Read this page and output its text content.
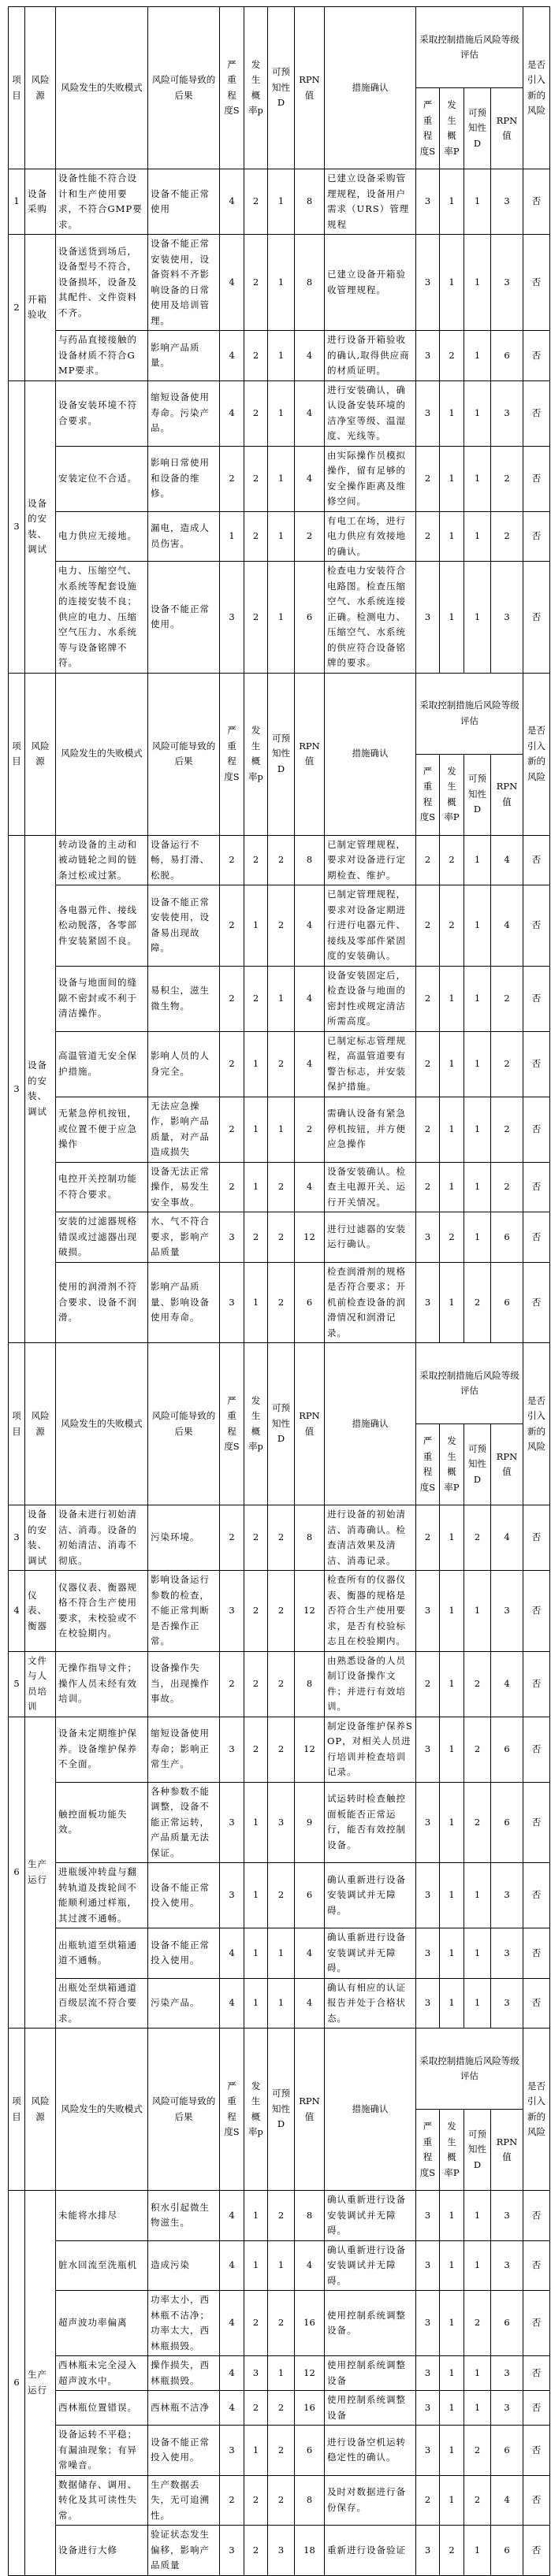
项目	风险源	风险发生的失败模式	风险可能导致的后果	严重程度S	发生概率p	可预知性D	RPN值	措施确认	采取控制措施后风险等级评估				是否引入新的风险
									严重程度S	发生概率P	可预知性D	RPN值	
1	设备采购	设备性能不符合设计和生产使用要求，不符合GMP要求。	设备不能正常使用	4	2	1	8	已建立设备采购管理规程，设备用户需求（URS）管理规程	3	1	1	3	否
2	开箱验收	设备送货到场后，设备型号不符合，设备损坏，设备及其配件、文件资料不齐。	设备不能正常安装使用，设备资料不齐影响设备的日常使用及培训管理。	4	2	1	8	已建立设备开箱验收管理规程。	3	1	1	3	否
		与药品直接接触的设备材质不符合GMP要求。	影响产品质量。	4	2	1	4	进行设备开箱验收的确认,取得供应商的材质证明。	3	2	1	6	否
3	设备的安装、调试	设备安装环境不符合要求。	缩短设备使用寿命。污染产品。	4	2	1	4	进行安装确认，确认设备安装环境的洁净室等级、温湿度、光线等。	3	1	1	3	否
		安装定位不合适。	影响日常使用和设备的维修。	2	2	1	4	由实际操作员模拟操作，留有足够的安全操作距离及维修空间。	2	1	1	2	否
		电力供应无接地。	漏电，造成人员伤害。	1	2	1	2	有电工在场，进行电力供应有效接地的确认。	2	1	1	2	否
		电力、压缩空气、水系统等配套设施的连接安装不良；供应的电力、压缩空气压力、水系统等与设备铭牌不符。	设备不能正常使用。	3	2	1	6	检查电力安装符合电路图。检查压缩空气、水系统连接正确。检测电力、压缩空气、水系统的供应符合设备铭牌的要求。	3	1	1	3	否
项目	风险源	风险发生的失败模式	风险可能导致的后果	严重程度S	发生概率p	可预知性D	RPN值	措施确认	采取控制措施后风险等级评估				是否引入新的风险
									严重程度S	发生概率P	可预知性D	RPN值	
3	设备的安装、调试	转动设备的主动和被动链轮之间的链条过松或过紧。	设备运行不畅，易打滑、松脱。	2	2	2	8	已制定管理规程，要求对设备进行定期检查、维护。	2	2	1	4	否
		各电器元件、接线松动脱落，各零部件安装紧固不良。	设备不能正常安装使用，设备易出现故障。	2	1	2	4	已制定管理规程，要求对设备定期进行进行电器元件、接线及零部件紧固度的安装确认。	2	2	1	4	否
		设备与地面间的缝隙不密封或不利于清洁操作。	易积尘，滋生微生物。	2	2	1	4	设备安装固定后，检查设备与地面的密封性或规定清洁所需高度。	2	1	1	2	否
		高温管道无安全保护措施。	影响人员的人身完全。	2	1	2	4	已制定标志管理规程，高温管道要有警告标志，并安装保护措施。	2	1	1	2	否
		无紧急停机按钮，或位置不便于应急操作	无法应急操作，影响产品质量，对产品造成损失	2	1	1	2	需确认设备有紧急停机按钮，并方便应急操作	2	1	1	2	否
		电控开关控制功能不符合要求。	设备无法正常操作，易发生安全事故。	2	1	2	4	设备安装确认。检查主电源开关、运行开关情况。	2	1	1	2	否
		安装的过滤器规格错误或过滤器出现破损。	水、气不符合要求，影响产品质量	3	2	2	12	进行过滤器的安装运行确认。	3	2	1	6	否
		使用的润滑剂不符合要求、设备不润滑。	影响产品质量、影响设备使用寿命。	3	1	2	6	检查润滑剂的规格是否符合要求；开机前检查设备的润滑情况和润滑记录。	3	1	2	6	否
项目	风险源	风险发生的失败模式	风险可能导致的后果	严重程度S	发生概率p	可预知性D	RPN值	措施确认	采取控制措施后风险等级评估				是否引入新的风险
									严重程度S	发生概率P	可预知性D	RPN值	
3	设备的安装、调试	设备未进行初始清洁、消毒。设备的初始清洁、消毒不彻底。	污染环境。	2	2	2	8	进行设备的初始清洁、消毒确认。检查清洁效果及清洁、消毒记录。	2	1	2	4	否
4	仪表、衡器	仪器仪表、衡器规格不符合生产使用要求，未校验或不在校验期内。	影响设备运行参数的检查，不能正常判断是否操作正常。	3	2	2	12	检查所有的仪器仪表、衡器的规格是否符合生产使用要求，是否有校验标志且在校验期内。	3	1	1	3	否
5	文件与人员培训	无操作指导文件；操作人员未经有效培训。	设备操作失当，出现操作事故。	2	2	2	8	由熟悉设备的人员制订设备操作文件；并进行有效培训。	2	1	2	4	否
6	生产运行	设备未定期维护保养。设备维护保养不全面。	缩短设备使用寿命；影响正常生产。	3	2	2	12	制定设备维护保养SOP，对相关人员进行培训并检查培训记录。	3	1	2	6	否
		触控面板功能失效。	各种参数不能调整，设备不能正常运转，产品质量无法保证。	3	1	3	9	试运转时检查触控面板能否正常运行，能否有效控制设备。	3	1	2	6	否
		进瓶缓冲转盘与翻转轨道及拨轮间不能顺利通过样瓶，其过渡不通畅。	设备不能正常投入使用。	3	1	2	6	确认重新进行设备安装调试并无障碍。	3	1	1	3	否
		出瓶轨道至烘箱通道不通畅。	设备不能正常投入使用。	4	1	1	4	确认重新进行设备安装调试并无障碍。	3	1	1	3	否
		出瓶处至烘箱通道百级层流不符合要求。	污染产品。	4	1	1	4	确认有相应的认证报告并处于合格状态。	3	1	1	3	否
项目	风险源	风险发生的失败模式	风险可能导致的后果	严重程度S	发生概率p	可预知性D	RPN值	措施确认	采取控制措施后风险等级评估				是否引入新的风险
									严重程度S	发生概率P	可预知性D	RPN值	
6	生产运行	未能将水排尽	积水引起微生物滋生。	4	1	2	8	确认重新进行设备安装调试并无障碍。	3	1	1	3	否
		脏水回流至洗瓶机	造成污染	4	1	1	4	确认重新进行设备安装调试并无障碍。	3	1	1	3	否
		超声波功率偏离	功率太小，西林瓶不洁净；功率太大，西林瓶损毁。	4	2	2	16	使用控制系统调整设备。	3	1	2	6	否
		西林瓶未完全浸入超声波水中。	操作损失，西林瓶损毁。	4	3	1	12	使用控制系统调整设备	3	1	1	3	否
		西林瓶位置错误。	西林瓶不洁净	4	2	2	16	使用控制系统调整设备	3	1	1	3	否
		设备运转不平稳；有漏油现象；有异常噪音。	设备不能正常投入使用。	3	1	2	6	进行设备空机运转稳定性的确认。	3	1	2	6	否
		数据储存、调用、转化及其可读性失常。	生产数据丢失，无可追溯性。	2	2	2	8	及时对数据进行备份保存。	2	1	2	4	否
		设备进行大修	验证状态发生偏移，影响产品质量	3	2	3	18	重新进行设备验证	3	2	1	6	否
